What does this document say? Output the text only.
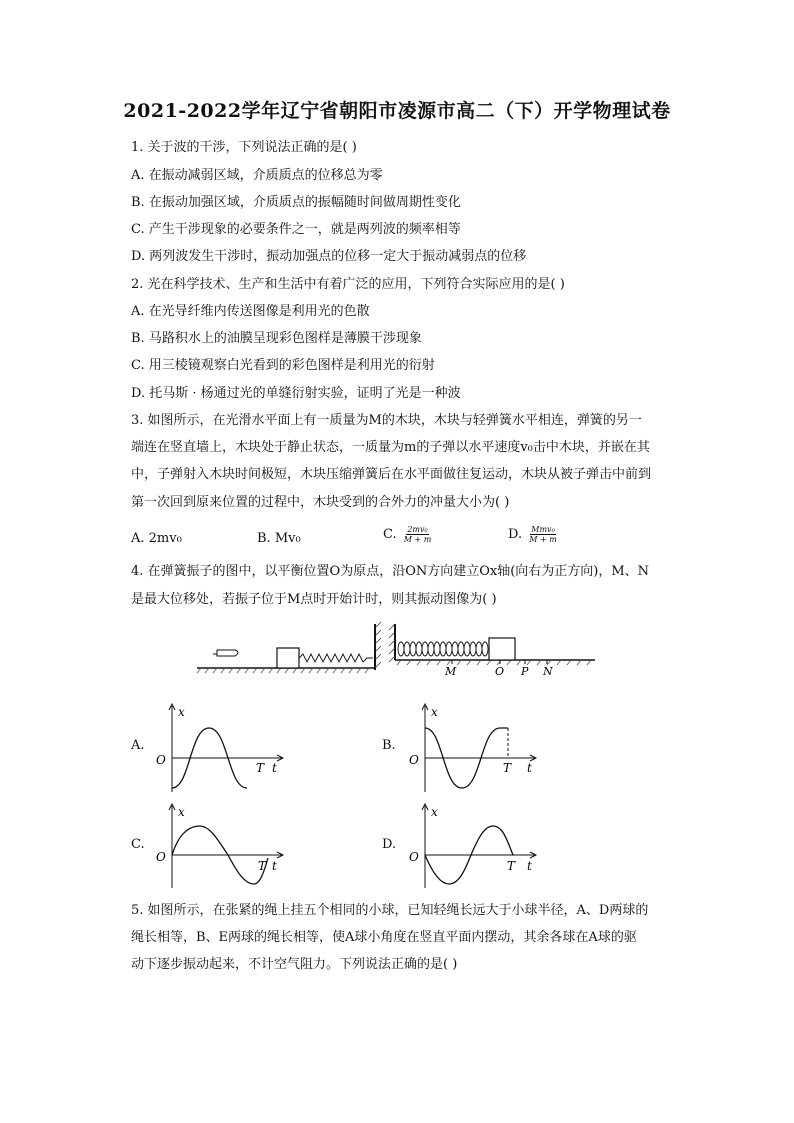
2021-2022学年辽宁省朝阳市凌源市高二（下）开学物理试卷
1. 关于波的干涉，下列说法正确的是( )
A. 在振动减弱区域，介质质点的位移总为零
B. 在振动加强区域，介质质点的振幅随时间做周期性变化
C. 产生干涉现象的必要条件之一，就是两列波的频率相等
D. 两列波发生干涉时，振动加强点的位移一定大于振动减弱点的位移
2. 光在科学技术、生产和生活中有着广泛的应用，下列符合实际应用的是( )
A. 在光导纤维内传送图像是利用光的色散
B. 马路积水上的油膜呈现彩色图样是薄膜干涉现象
C. 用三棱镜观察白光看到的彩色图样是利用光的衍射
D. 托马斯 · 杨通过光的单缝衍射实验，证明了光是一种波
3. 如图所示，在光滑水平面上有一质量为M的木块，木块与轻弹簧水平相连，弹簧的另一
端连在竖直墙上，木块处于静止状态，一质量为m的子弹以水平速度v₀击中木块，并嵌在其
中，子弹射入木块时间极短，木块压缩弹簧后在水平面做往复运动，木块从被子弹击中前到
第一次回到原来位置的过程中，木块受到的合外力的冲量大小为( )
A. 2mv₀	B. Mv₀	C. $\frac{\text{2mv₀}}{M + m}$	D. $\frac{\text{Mmv₀}}{M + m}$
4. 在弹簧振子的图中，以平衡位置O为原点，沿ON方向建立Ox轴(向右为正方向)，M、N
是最大位移处，若振子位于M点时开始计时，则其振动图像为( )
M	O P N
A.
x
O
T t
B.
x
O
T t
C.
x
O
T t
D.
x
O
T t
5. 如图所示，在张紧的绳上挂五个相同的小球，已知轻绳长远大于小球半径，A、D两球的
绳长相等，B、E两球的绳长相等，使A球小角度在竖直平面内摆动，其余各球在A球的驱
动下逐步振动起来，不计空气阻力。下列说法正确的是( )
